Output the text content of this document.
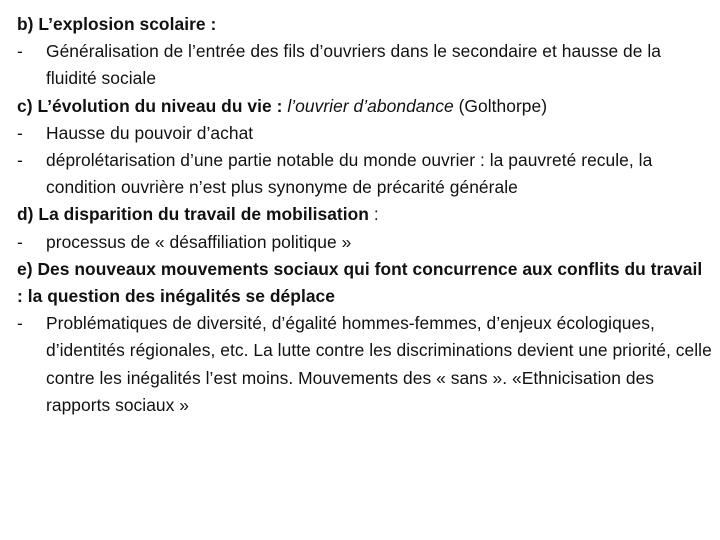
b) L’explosion scolaire :

- Généralisation de l’entrée des fils d’ouvriers dans le secondaire et hausse de la fluidité sociale

c) L’évolution du niveau du vie : l’ouvrier d’abondance (Golthorpe)

- Hausse du pouvoir d’achat

- déprolétarisation d’une partie notable du monde ouvrier : la pauvreté recule, la condition ouvrière n’est plus synonyme de précarité générale

d) La disparition du travail de mobilisation :

- processus de « désaffiliation politique »

e) Des nouveaux mouvements sociaux qui font concurrence aux conflits du travail : la question des inégalités se déplace

- Problématiques de diversité, d’égalité hommes-femmes, d’enjeux écologiques, d’identités régionales, etc. La lutte contre les discriminations devient une priorité, celle contre les inégalités l’est moins. Mouvements des « sans ». «Ethnicisation des rapports sociaux »
